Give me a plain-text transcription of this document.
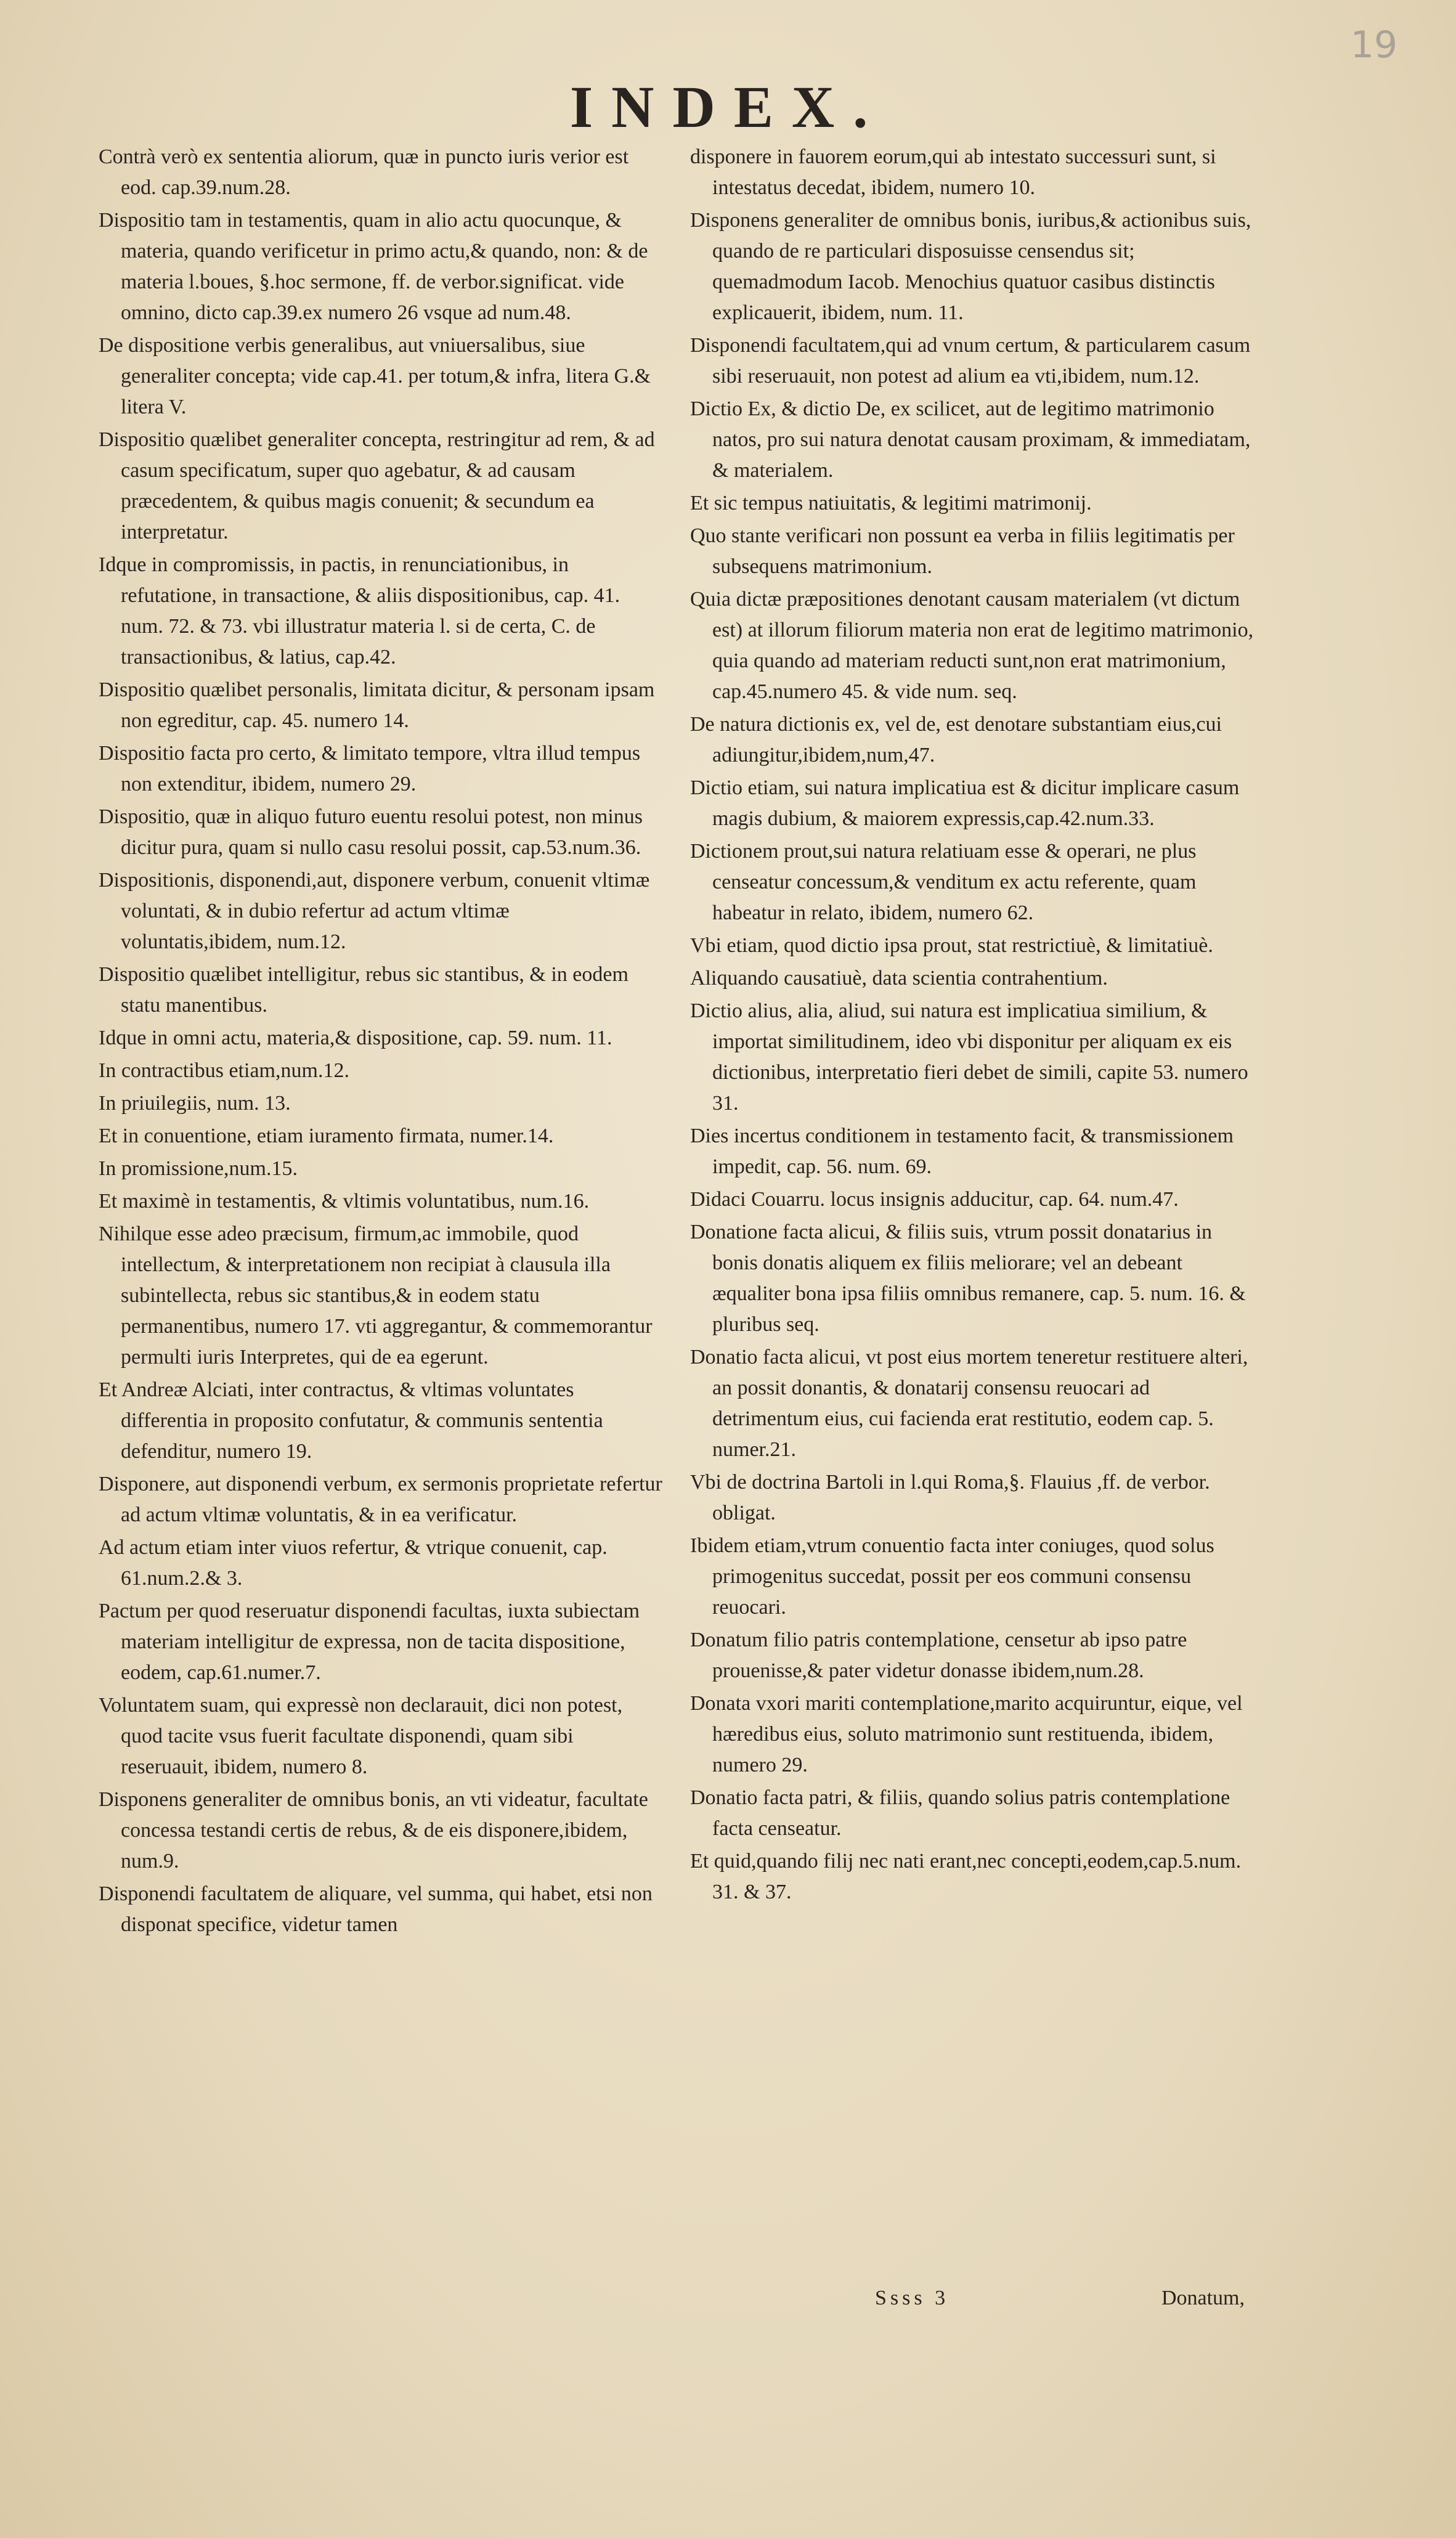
19
INDEX.

Contrà verò ex sententia aliorum, quæ in puncto iuris verior est eod. cap.39.num.28.

Dispositio tam in testamentis, quam in alio actu quocunque, & materia, quando verificetur in primo actu,& quando, non: & de materia l.boues, §.hoc sermone, ff. de verbor.significat. vide omnino, dicto cap.39.ex numero 26 vsque ad num.48.

De dispositione verbis generalibus, aut vniuersalibus, siue generaliter concepta; vide cap.41. per totum,& infra, litera G.& litera V.

Dispositio quælibet generaliter concepta, restringitur ad rem, & ad casum specificatum, super quo agebatur, & ad causam præcedentem, & quibus magis conuenit; & secundum ea interpretatur.

Idque in compromissis, in pactis, in renunciationibus, in refutatione, in transactione, & aliis dispositionibus, cap. 41. num. 72. & 73. vbi illustratur materia l. si de certa, C. de transactionibus, & latius, cap.42.

Dispositio quælibet personalis, limitata dicitur, & personam ipsam non egreditur, cap. 45. numero 14.

Dispositio facta pro certo, & limitato tempore, vltra illud tempus non extenditur, ibidem, numero 29.

Dispositio, quæ in aliquo futuro euentu resolui potest, non minus dicitur pura, quam si nullo casu resolui possit, cap.53.num.36.

Dispositionis, disponendi,aut, disponere verbum, conuenit vltimæ voluntati, & in dubio refertur ad actum vltimæ voluntatis,ibidem, num.12.

Dispositio quælibet intelligitur, rebus sic stantibus, & in eodem statu manentibus.

Idque in omni actu, materia,& dispositione, cap. 59. num. 11.

In contractibus etiam,num.12.

In priuilegiis, num. 13.

Et in conuentione, etiam iuramento firmata, numer.14.

In promissione,num.15.

Et maximè in testamentis, & vltimis voluntatibus, num.16.

Nihilque esse adeo præcisum, firmum,ac immobile, quod intellectum, & interpretationem non recipiat à clausula illa subintellecta, rebus sic stantibus,& in eodem statu permanentibus, numero 17. vti aggregantur, & commemorantur permulti iuris Interpretes, qui de ea egerunt.

Et Andreæ Alciati, inter contractus, & vltimas voluntates differentia in proposito confutatur, & communis sententia defenditur, numero 19.

Disponere, aut disponendi verbum, ex sermonis proprietate refertur ad actum vltimæ voluntatis, & in ea verificatur.

Ad actum etiam inter viuos refertur, & vtrique conuenit, cap. 61.num.2.& 3.

Pactum per quod reseruatur disponendi facultas, iuxta subiectam materiam intelligitur de expressa, non de tacita dispositione, eodem, cap.61.numer.7.

Voluntatem suam, qui expressè non declarauit, dici non potest, quod tacite vsus fuerit facultate disponendi, quam sibi reseruauit, ibidem, numero 8.

Disponens generaliter de omnibus bonis, an vti videatur, facultate concessa testandi certis de rebus, & de eis disponere,ibidem, num.9.

Disponendi facultatem de aliquare, vel summa, qui habet, etsi non disponat specifice, videtur tamen

disponere in fauorem eorum,qui ab intestato successuri sunt, si intestatus decedat, ibidem, numero 10.

Disponens generaliter de omnibus bonis, iuribus,& actionibus suis, quando de re particulari disposuisse censendus sit; quemadmodum Iacob. Menochius quatuor casibus distinctis explicauerit, ibidem, num. 11.

Disponendi facultatem,qui ad vnum certum, & particularem casum sibi reseruauit, non potest ad alium ea vti,ibidem, num.12.

Dictio Ex, & dictio De, ex scilicet, aut de legitimo matrimonio natos, pro sui natura denotat causam proximam, & immediatam, & materialem.

Et sic tempus natiuitatis, & legitimi matrimonij.

Quo stante verificari non possunt ea verba in filiis legitimatis per subsequens matrimonium.

Quia dictæ præpositiones denotant causam materialem (vt dictum est) at illorum filiorum materia non erat de legitimo matrimonio, quia quando ad materiam reducti sunt,non erat matrimonium, cap.45.numero 45. & vide num. seq.

De natura dictionis ex, vel de, est denotare substantiam eius,cui adiungitur,ibidem,num,47.

Dictio etiam, sui natura implicatiua est & dicitur implicare casum magis dubium, & maiorem expressis,cap.42.num.33.

Dictionem prout,sui natura relatiuam esse & operari, ne plus censeatur concessum,& venditum ex actu referente, quam habeatur in relato, ibidem, numero 62.

Vbi etiam, quod dictio ipsa prout, stat restrictiuè, & limitatiuè.

Aliquando causatiuè, data scientia contrahentium.

Dictio alius, alia, aliud, sui natura est implicatiua similium, & importat similitudinem, ideo vbi disponitur per aliquam ex eis dictionibus, interpretatio fieri debet de simili, capite 53. numero 31.

Dies incertus conditionem in testamento facit, & transmissionem impedit, cap. 56. num. 69.

Didaci Couarru. locus insignis adducitur, cap. 64. num.47.

Donatione facta alicui, & filiis suis, vtrum possit donatarius in bonis donatis aliquem ex filiis meliorare; vel an debeant æqualiter bona ipsa filiis omnibus remanere, cap. 5. num. 16. & pluribus seq.

Donatio facta alicui, vt post eius mortem teneretur restituere alteri, an possit donantis, & donatarij consensu reuocari ad detrimentum eius, cui facienda erat restitutio, eodem cap. 5. numer.21.

Vbi de doctrina Bartoli in l.qui Roma,§. Flauius ,ff. de verbor. obligat.

Ibidem etiam,vtrum conuentio facta inter coniuges, quod solus primogenitus succedat, possit per eos communi consensu reuocari.

Donatum filio patris contemplatione, censetur ab ipso patre prouenisse,& pater videtur donasse ibidem,num.28.

Donata vxori mariti contemplatione,marito acquiruntur, eique, vel hæredibus eius, soluto matrimonio sunt restituenda, ibidem, numero 29.

Donatio facta patri, & filiis, quando solius patris contemplatione facta censeatur.

Et quid,quando filij nec nati erant,nec concepti,eodem,cap.5.num. 31. & 37.

Ssss 3	Donatum,
